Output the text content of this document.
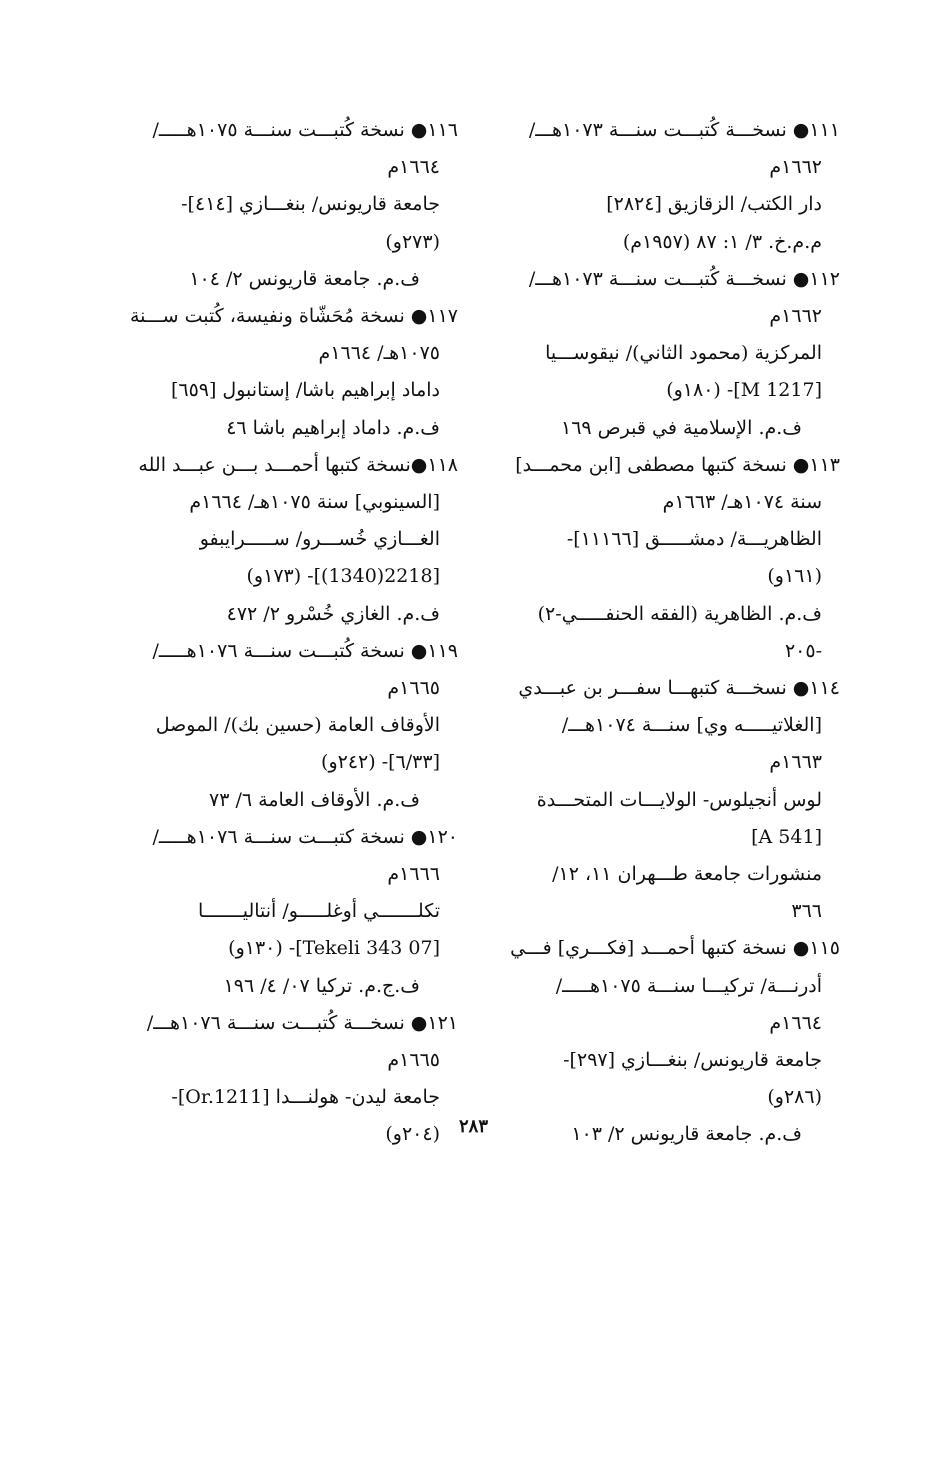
١١١● نسخـــة كُتبـــت سنـــة ١٠٧٣هـــ/
١٦٦٢م
دار الكتب/ الزقازيق [٢٨٢٤]
م.م.خ. ٣/ ١: ٨٧ (١٩٥٧م)
١١٢● نسخـــة كُتبـــت سنـــة ١٠٧٣هـــ/
١٦٦٢م
المركزية (محمود الثاني)/ نيقوســـيا
[M 1217]- (١٨٠و)
ف.م. الإسلامية في قبرص ١٦٩
١١٣● نسخة كتبها مصطفى [ابن محمـــد]
سنة ١٠٧٤هـ/ ١٦٦٣م
الظاهريـــة/ دمشـــــق [١١١٦٦]-
(١٦١و)
ف.م. الظاهرية (الفقه الحنفـــــي-٢)
-٢٠٥
١١٤● نسخـــة كتبهـــا سفـــر بن عبـــدي
[الغلاتيـــــه وي] سنـــة ١٠٧٤هـــ/
١٦٦٣م
لوس أنجيلوس- الولايـــات المتحـــدة
[A 541]
منشورات جامعة طـــهران ١١، ١٢/
٣٦٦
١١٥● نسخة كتبها أحمـــد [فكـــري] فـــي
أدرنـــة/ تركيـــا سنـــة ١٠٧٥هـــــ/
١٦٦٤م
جامعة قاريونس/ بنغـــازي [٢٩٧]-
(٢٨٦و)
ف.م. جامعة قاريونس ٢/ ١٠٣
١١٦● نسخة كُتبـــت سنـــة ١٠٧٥هـــــ/
١٦٦٤م
جامعة قاريونس/ بنغـــازي [٤١٤]-
(٢٧٣و)
ف.م. جامعة قاريونس ٢/ ١٠٤
١١٧● نسخة مُحَشّاة ونفيسة، كُتبت ســـنة
١٠٧٥هـ/ ١٦٦٤م
داماد إبراهيم باشا/ إستانبول [٦٥٩]
ف.م. داماد إبراهيم باشا ٤٦
١١٨●نسخة كتبها أحمـــد بـــن عبـــد الله
[السينوبي] سنة ١٠٧٥هـ/ ١٦٦٤م
الغـــازي خُســـرو/ ســـــرايبفو
[2218(1340)]- (١٧٣و)
ف.م. الغازي خُسْرو ٢/ ٤٧٢
١١٩● نسخة كُتبـــت سنـــة ١٠٧٦هـــــ/
١٦٦٥م
الأوقاف العامة (حسين بك)/ الموصل
[٦/٣٣]- (٢٤٢و)
ف.م. الأوقاف العامة ٦/ ٧٣
١٢٠● نسخة كتبـــت سنـــة ١٠٧٦هـــــ/
١٦٦٦م
تكلـــــــي أوغلـــــو/ أنتاليـــــــا
[07 Tekeli 343]- (١٣٠و)
ف.ج.م. تركيا ٠٧/ ٤/ ١٩٦
١٢١● نسخـــة كُتبـــت سنـــة ١٠٧٦هـــ/
١٦٦٥م
جامعة ليدن- هولنـــدا [Or.1211]-
(٢٠٤و)	٢٨٣
